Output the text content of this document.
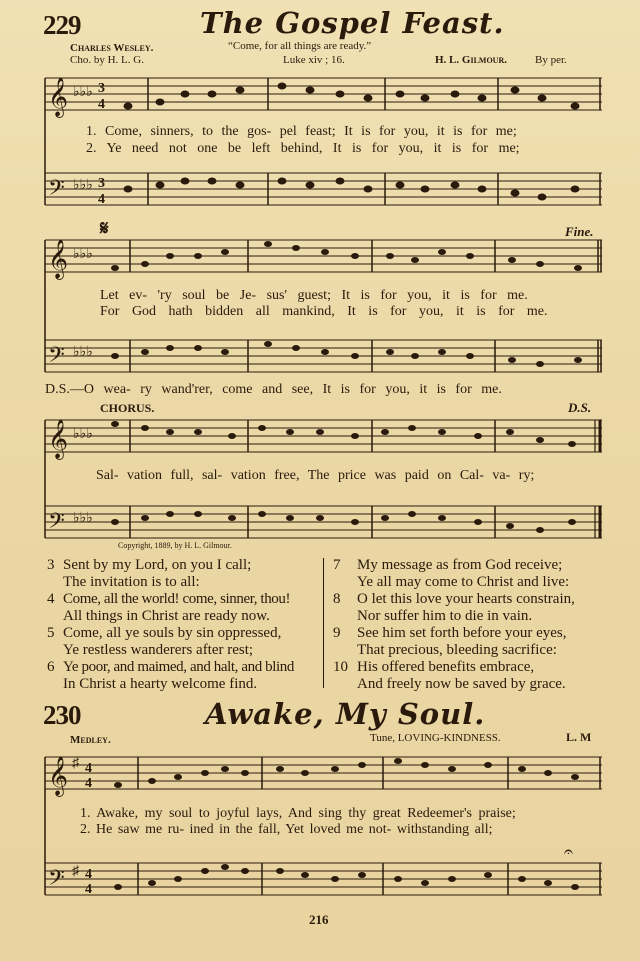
229	The Gospel Feast.
Charles Wesley.
Cho. by H. L. G.
“Come, for all things are ready.”
Luke xiv ; 16.	H. L. Gilmour.	By per.
𝄞
𝄢
♭♭♭
♭♭♭
3
4
3
4
1. Come, sinners, to the gos- pel feast; It is for you, it is for me;
2. Ye need not one be left behind, It is for you, it is for me;
𝄋	Fine.
𝄞
𝄢
♭♭♭
♭♭♭
Let ev- 'ry soul be Je- sus' guest; It is for you, it is for me.
For God hath bidden all mankind, It is for you, it is for me.
D.S.—O wea- ry wand'rer, come and see, It is for you, it is for me.
CHORUS.	D.S.
𝄞
𝄢
♭♭♭
♭♭♭
Sal- vation full, sal- vation free, The price was paid on Cal- va- ry;
Copyright, 1889, by H. L. Gilmour.
3 Sent by my Lord, on you I call;
The invitation is to all:
4 Come, all the world! come, sinner, thou!
All things in Christ are ready now.
5 Come, all ye souls by sin oppressed,
Ye restless wanderers after rest;
6 Ye poor, and maimed, and halt, and blind
In Christ a hearty welcome find.
7 My message as from God receive;
Ye all may come to Christ and live:
8 O let this love your hearts constrain,
Nor suffer him to die in vain.
9 See him set forth before your eyes,
That precious, bleeding sacrifice:
10 His offered benefits embrace,
And freely now be saved by grace.
230	Awake, My Soul.
Medley.	Tune, LOVING-KINDNESS.	L. M
𝄞
𝄢
♯
♯
4
4
4
4
𝄐
1. Awake, my soul to joyful lays, And sing thy great Redeemer's praise;
2. He saw me ru- ined in the fall, Yet loved me not- withstanding all;
216
